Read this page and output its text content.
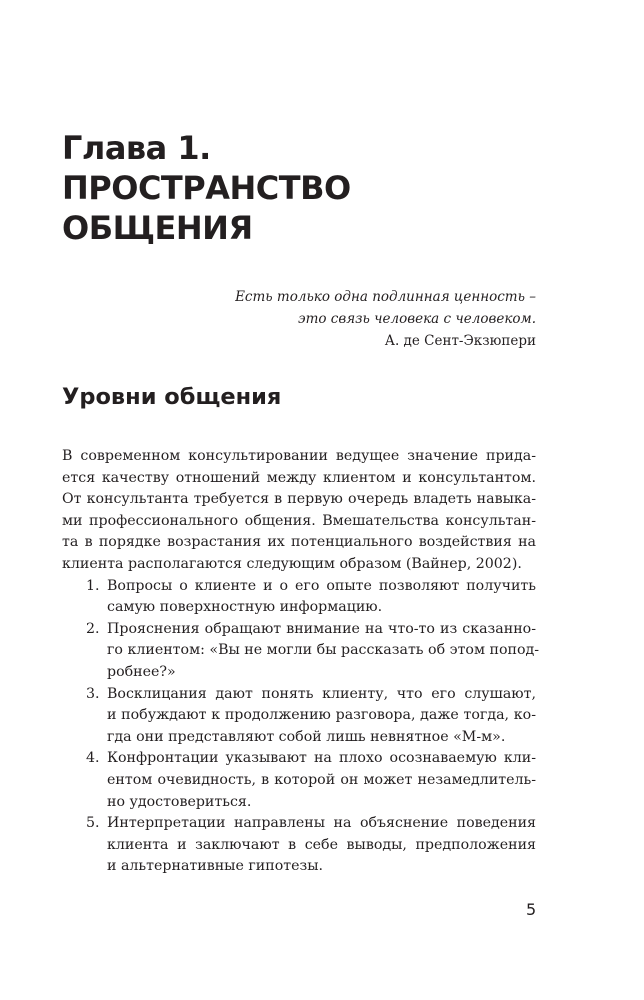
Глава 1.
ПРОСТРАНСТВО
ОБЩЕНИЯ
Есть только одна подлинная ценность –
это связь человека с человеком.
А. де Сент-Экзюпери
Уровни общения
В современном консультировании ведущее значение прида-
ется качеству отношений между клиентом и консультантом.
От консультанта требуется в первую очередь владеть навыка-
ми профессионального общения. Вмешательства консультан-
та в порядке возрастания их потенциального воздействия на
клиента располагаются следующим образом (Вайнер, 2002).
1. Вопросы о клиенте и о его опыте позволяют получить
самую поверхностную информацию.
2. Прояснения обращают внимание на что-то из сказанно-
го клиентом: «Вы не могли бы рассказать об этом попод-
робнее?»
3. Восклицания дают понять клиенту, что его слушают,
и побуждают к продолжению разговора, даже тогда, ко-
гда они представляют собой лишь невнятное «М-м».
4. Конфронтации указывают на плохо осознаваемую кли-
ентом очевидность, в которой он может незамедлитель-
но удостовериться.
5. Интерпретации направлены на объяснение поведения
клиента и заключают в себе выводы, предположения
и альтернативные гипотезы.
5
